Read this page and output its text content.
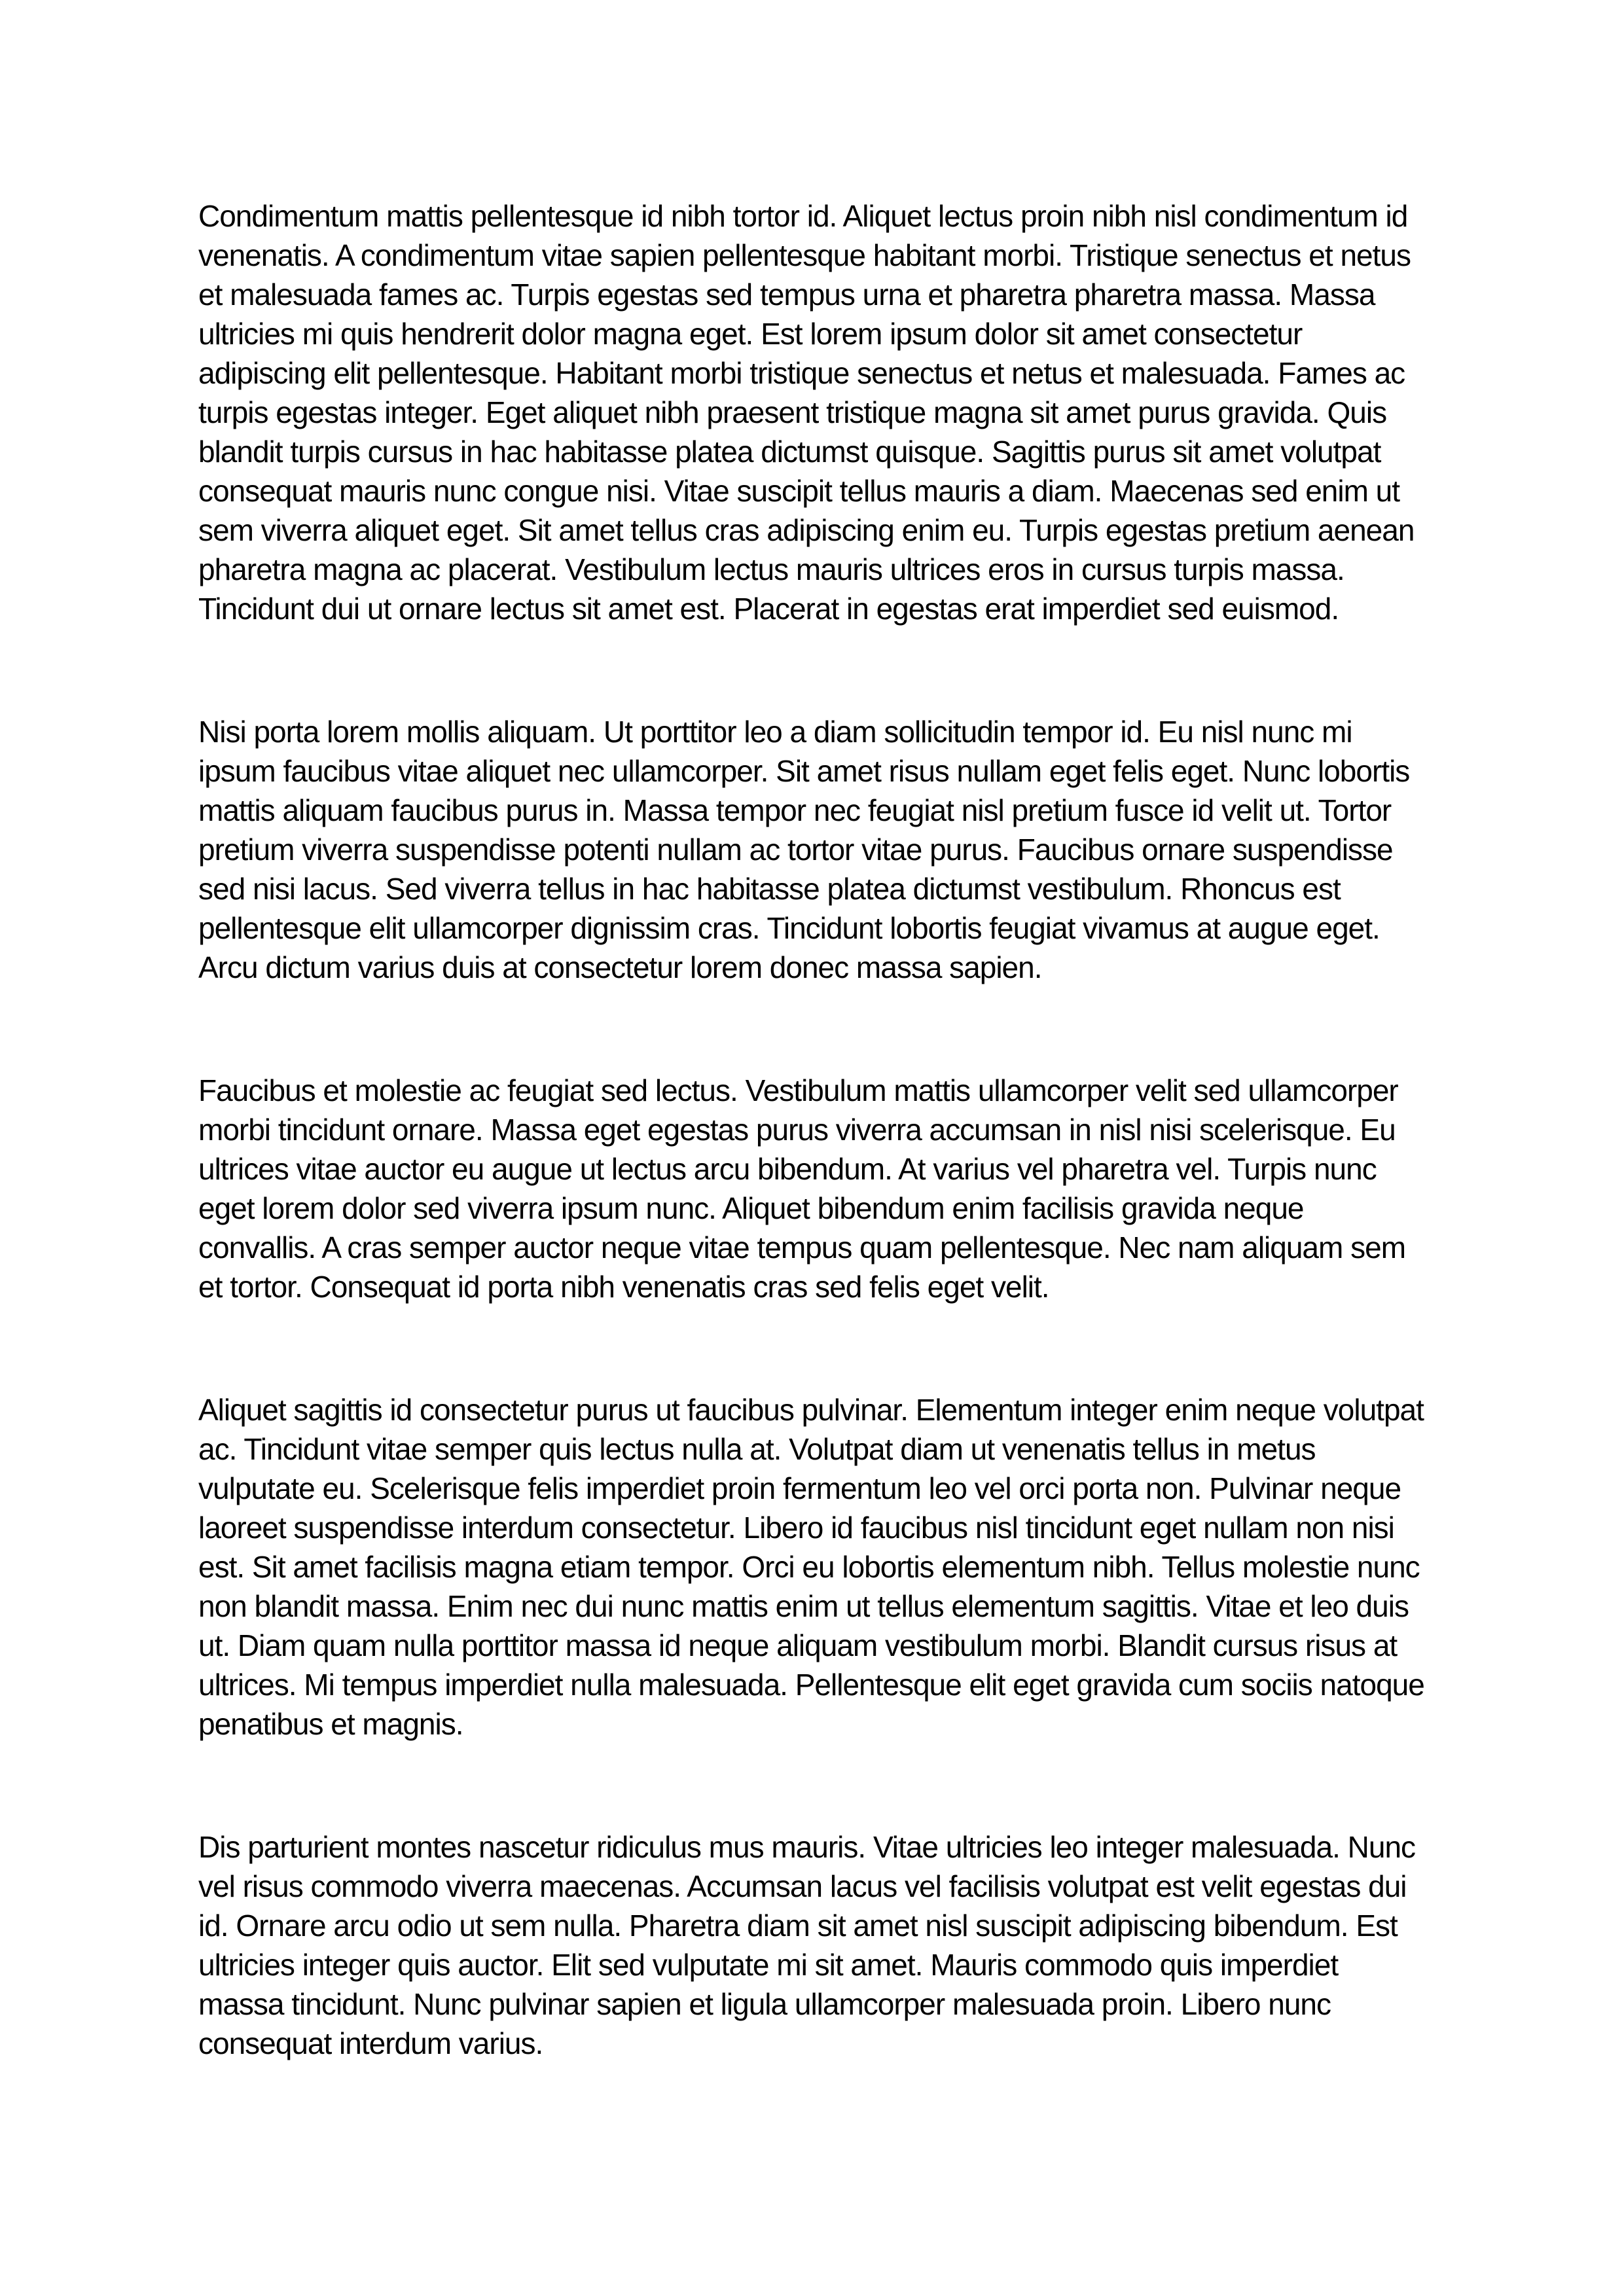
Condimentum mattis pellentesque id nibh tortor id. Aliquet lectus proin nibh nisl condimentum id venenatis. A condimentum vitae sapien pellentesque habitant morbi. Tristique senectus et netus et malesuada fames ac. Turpis egestas sed tempus urna et pharetra pharetra massa. Massa ultricies mi quis hendrerit dolor magna eget. Est lorem ipsum dolor sit amet consectetur adipiscing elit pellentesque. Habitant morbi tristique senectus et netus et malesuada. Fames ac turpis egestas integer. Eget aliquet nibh praesent tristique magna sit amet purus gravida. Quis blandit turpis cursus in hac habitasse platea dictumst quisque. Sagittis purus sit amet volutpat consequat mauris nunc congue nisi. Vitae suscipit tellus mauris a diam. Maecenas sed enim ut sem viverra aliquet eget. Sit amet tellus cras adipiscing enim eu. Turpis egestas pretium aenean pharetra magna ac placerat. Vestibulum lectus mauris ultrices eros in cursus turpis massa. Tincidunt dui ut ornare lectus sit amet est. Placerat in egestas erat imperdiet sed euismod.

Nisi porta lorem mollis aliquam. Ut porttitor leo a diam sollicitudin tempor id. Eu nisl nunc mi ipsum faucibus vitae aliquet nec ullamcorper. Sit amet risus nullam eget felis eget. Nunc lobortis mattis aliquam faucibus purus in. Massa tempor nec feugiat nisl pretium fusce id velit ut. Tortor pretium viverra suspendisse potenti nullam ac tortor vitae purus. Faucibus ornare suspendisse sed nisi lacus. Sed viverra tellus in hac habitasse platea dictumst vestibulum. Rhoncus est pellentesque elit ullamcorper dignissim cras. Tincidunt lobortis feugiat vivamus at augue eget. Arcu dictum varius duis at consectetur lorem donec massa sapien.

Faucibus et molestie ac feugiat sed lectus. Vestibulum mattis ullamcorper velit sed ullamcorper morbi tincidunt ornare. Massa eget egestas purus viverra accumsan in nisl nisi scelerisque. Eu ultrices vitae auctor eu augue ut lectus arcu bibendum. At varius vel pharetra vel. Turpis nunc eget lorem dolor sed viverra ipsum nunc. Aliquet bibendum enim facilisis gravida neque convallis. A cras semper auctor neque vitae tempus quam pellentesque. Nec nam aliquam sem et tortor. Consequat id porta nibh venenatis cras sed felis eget velit.

Aliquet sagittis id consectetur purus ut faucibus pulvinar. Elementum integer enim neque volutpat ac. Tincidunt vitae semper quis lectus nulla at. Volutpat diam ut venenatis tellus in metus vulputate eu. Scelerisque felis imperdiet proin fermentum leo vel orci porta non. Pulvinar neque laoreet suspendisse interdum consectetur. Libero id faucibus nisl tincidunt eget nullam non nisi est. Sit amet facilisis magna etiam tempor. Orci eu lobortis elementum nibh. Tellus molestie nunc non blandit massa. Enim nec dui nunc mattis enim ut tellus elementum sagittis. Vitae et leo duis ut. Diam quam nulla porttitor massa id neque aliquam vestibulum morbi. Blandit cursus risus at ultrices. Mi tempus imperdiet nulla malesuada. Pellentesque elit eget gravida cum sociis natoque penatibus et magnis.

Dis parturient montes nascetur ridiculus mus mauris. Vitae ultricies leo integer malesuada. Nunc vel risus commodo viverra maecenas. Accumsan lacus vel facilisis volutpat est velit egestas dui id. Ornare arcu odio ut sem nulla. Pharetra diam sit amet nisl suscipit adipiscing bibendum. Est ultricies integer quis auctor. Elit sed vulputate mi sit amet. Mauris commodo quis imperdiet massa tincidunt. Nunc pulvinar sapien et ligula ullamcorper malesuada proin. Libero nunc consequat interdum varius.
